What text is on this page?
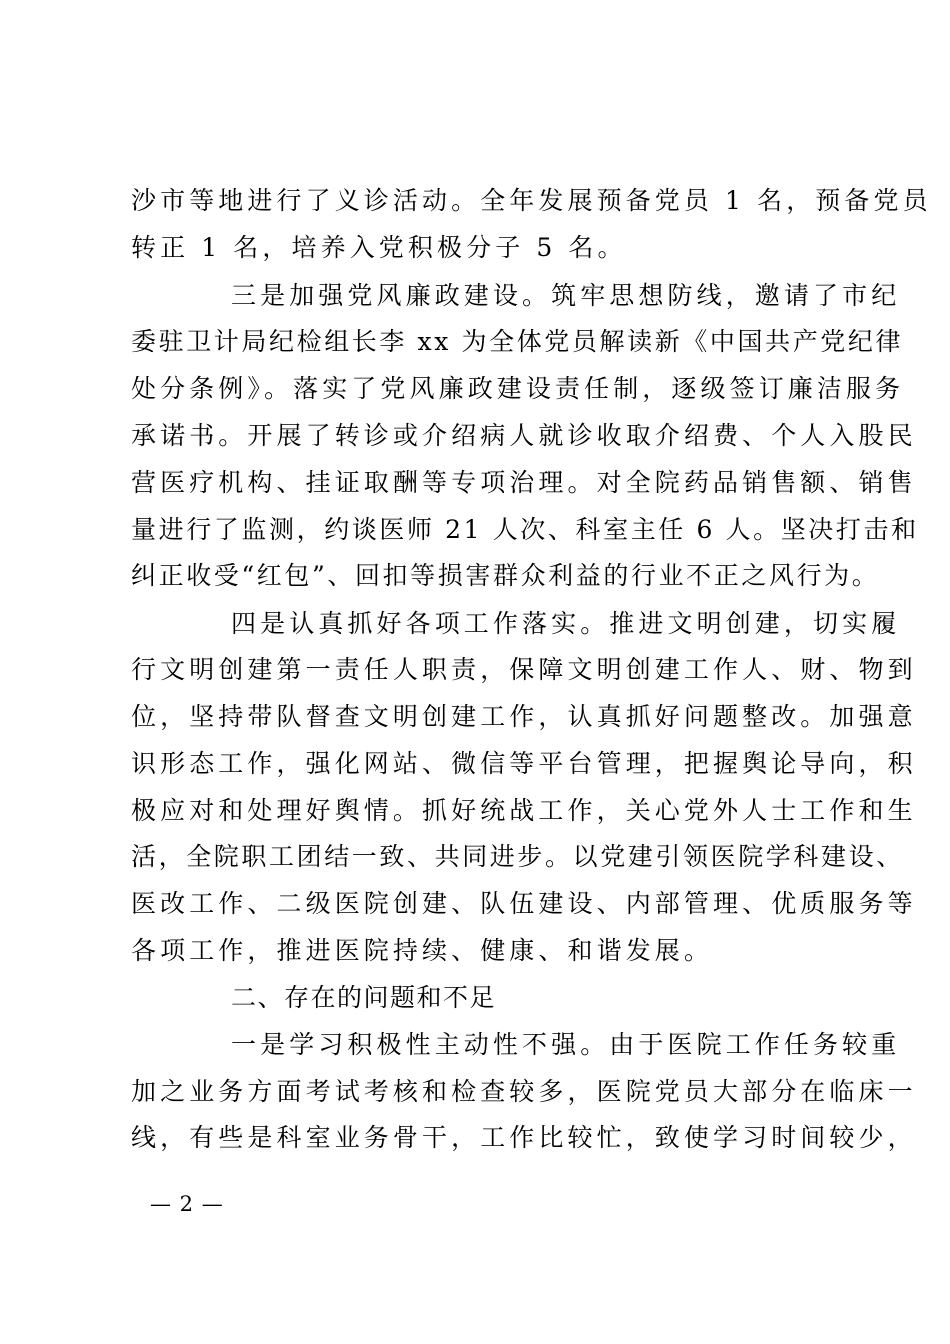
沙市等地进行了义诊活动。全年发展预备党员 1 名，预备党员
转正 1 名，培养入党积极分子 5 名。
三是加强党风廉政建设。筑牢思想防线，邀请了市纪
委驻卫计局纪检组长李 xx 为全体党员解读新《中国共产党纪律
处分条例》。落实了党风廉政建设责任制，逐级签订廉洁服务
承诺书。开展了转诊或介绍病人就诊收取介绍费、个人入股民
营医疗机构、挂证取酬等专项治理。对全院药品销售额、销售
量进行了监测，约谈医师 21 人次、科室主任 6 人。坚决打击和
纠正收受“红包”、回扣等损害群众利益的行业不正之风行为。
四是认真抓好各项工作落实。推进文明创建，切实履
行文明创建第一责任人职责，保障文明创建工作人、财、物到
位，坚持带队督查文明创建工作，认真抓好问题整改。加强意
识形态工作，强化网站、微信等平台管理，把握舆论导向，积
极应对和处理好舆情。抓好统战工作，关心党外人士工作和生
活，全院职工团结一致、共同进步。以党建引领医院学科建设、
医改工作、二级医院创建、队伍建设、内部管理、优质服务等
各项工作，推进医院持续、健康、和谐发展。
二、存在的问题和不足
一是学习积极性主动性不强。由于医院工作任务较重
加之业务方面考试考核和检查较多，医院党员大部分在临床一
线，有些是科室业务骨干，工作比较忙，致使学习时间较少，
— 2 —
